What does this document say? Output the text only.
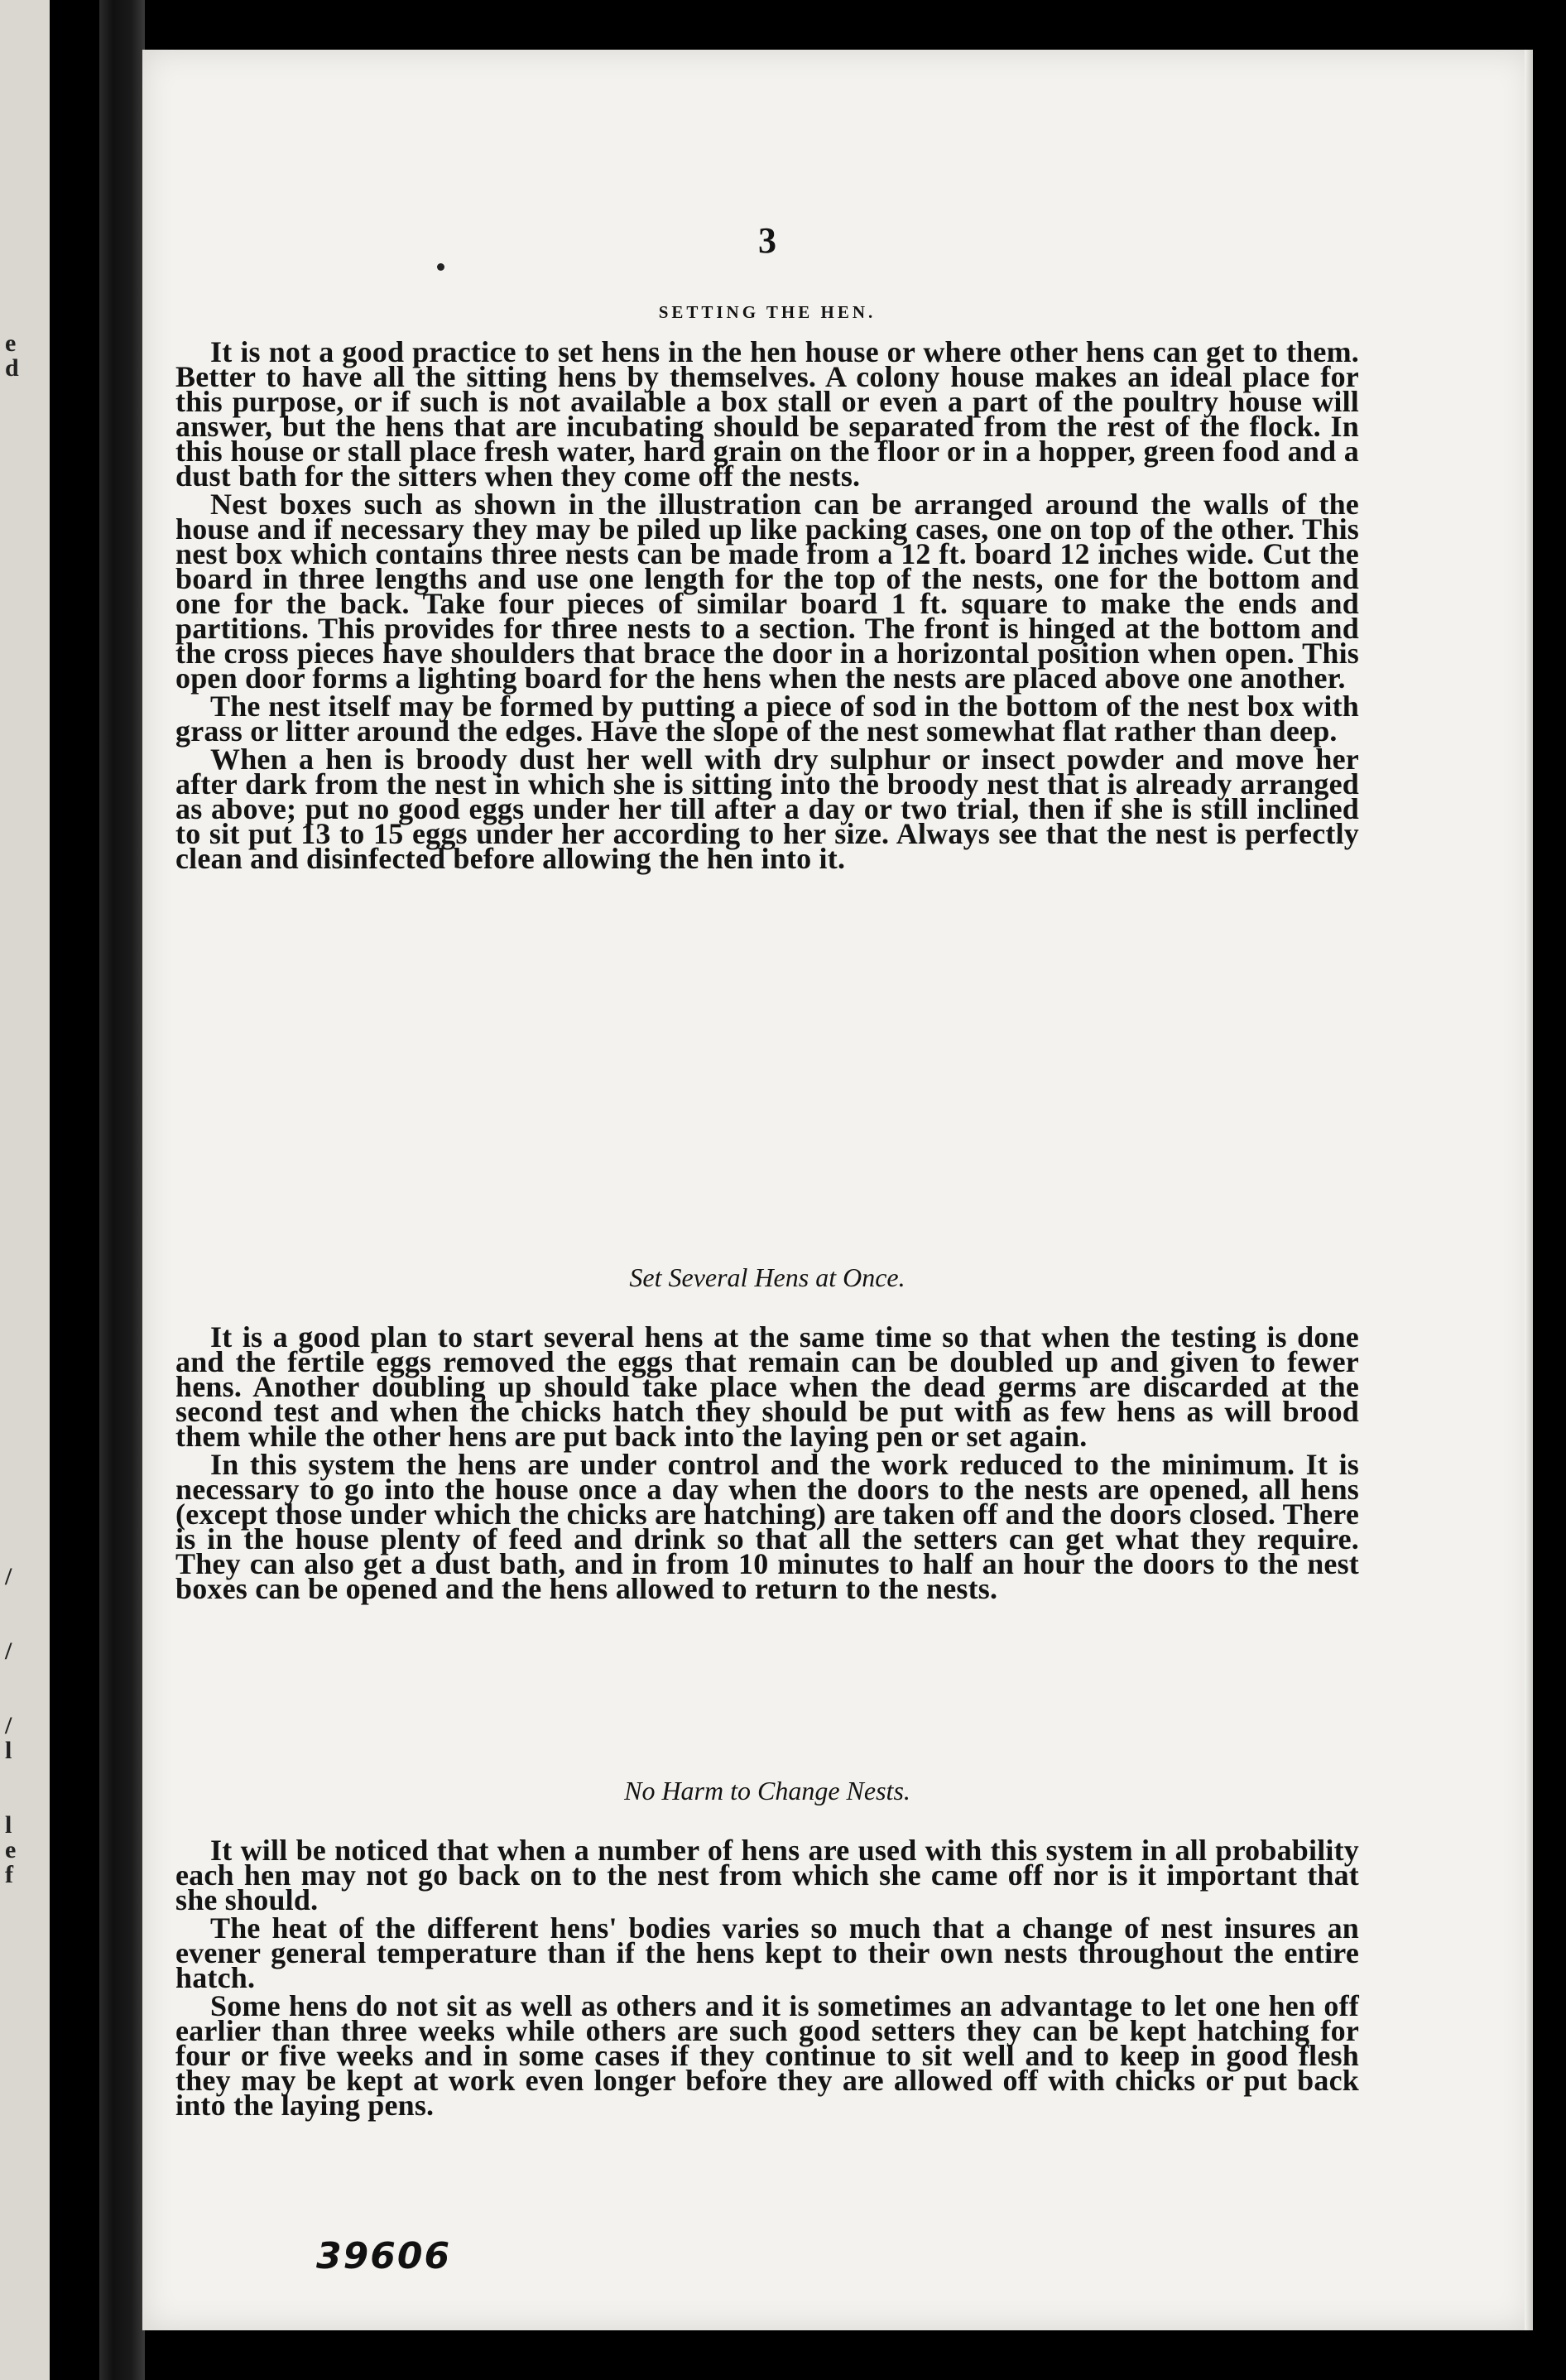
e
d
/
/
/
l
l
e
f
3
SETTING THE HEN.

It is not a good practice to set hens in the hen house or where other hens can get to them. Better to have all the sitting hens by themselves. A colony house makes an ideal place for this purpose, or if such is not available a box stall or even a part of the poultry house will answer, but the hens that are incubating should be separated from the rest of the flock. In this house or stall place fresh water, hard grain on the floor or in a hopper, green food and a dust bath for the sitters when they come off the nests.

Nest boxes such as shown in the illustration can be arranged around the walls of the house and if necessary they may be piled up like packing cases, one on top of the other. This nest box which contains three nests can be made from a 12 ft. board 12 inches wide. Cut the board in three lengths and use one length for the top of the nests, one for the bottom and one for the back. Take four pieces of similar board 1 ft. square to make the ends and partitions. This provides for three nests to a section. The front is hinged at the bottom and the cross pieces have shoulders that brace the door in a horizontal position when open. This open door forms a lighting board for the hens when the nests are placed above one another.

The nest itself may be formed by putting a piece of sod in the bottom of the nest box with grass or litter around the edges. Have the slope of the nest somewhat flat rather than deep.

When a hen is broody dust her well with dry sulphur or insect powder and move her after dark from the nest in which she is sitting into the broody nest that is already arranged as above; put no good eggs under her till after a day or two trial, then if she is still inclined to sit put 13 to 15 eggs under her according to her size. Always see that the nest is perfectly clean and disinfected before allowing the hen into it.

Set Several Hens at Once.

It is a good plan to start several hens at the same time so that when the testing is done and the fertile eggs removed the eggs that remain can be doubled up and given to fewer hens. Another doubling up should take place when the dead germs are discarded at the second test and when the chicks hatch they should be put with as few hens as will brood them while the other hens are put back into the laying pen or set again.

In this system the hens are under control and the work reduced to the minimum. It is necessary to go into the house once a day when the doors to the nests are opened, all hens (except those under which the chicks are hatching) are taken off and the doors closed. There is in the house plenty of feed and drink so that all the setters can get what they require. They can also get a dust bath, and in from 10 minutes to half an hour the doors to the nest boxes can be opened and the hens allowed to return to the nests.

No Harm to Change Nests.

It will be noticed that when a number of hens are used with this system in all probability each hen may not go back on to the nest from which she came off nor is it important that she should.

The heat of the different hens' bodies varies so much that a change of nest insures an evener general temperature than if the hens kept to their own nests throughout the entire hatch.

Some hens do not sit as well as others and it is sometimes an advantage to let one hen off earlier than three weeks while others are such good setters they can be kept hatching for four or five weeks and in some cases if they continue to sit well and to keep in good flesh they may be kept at work even longer before they are allowed off with chicks or put back into the laying pens.

39606
